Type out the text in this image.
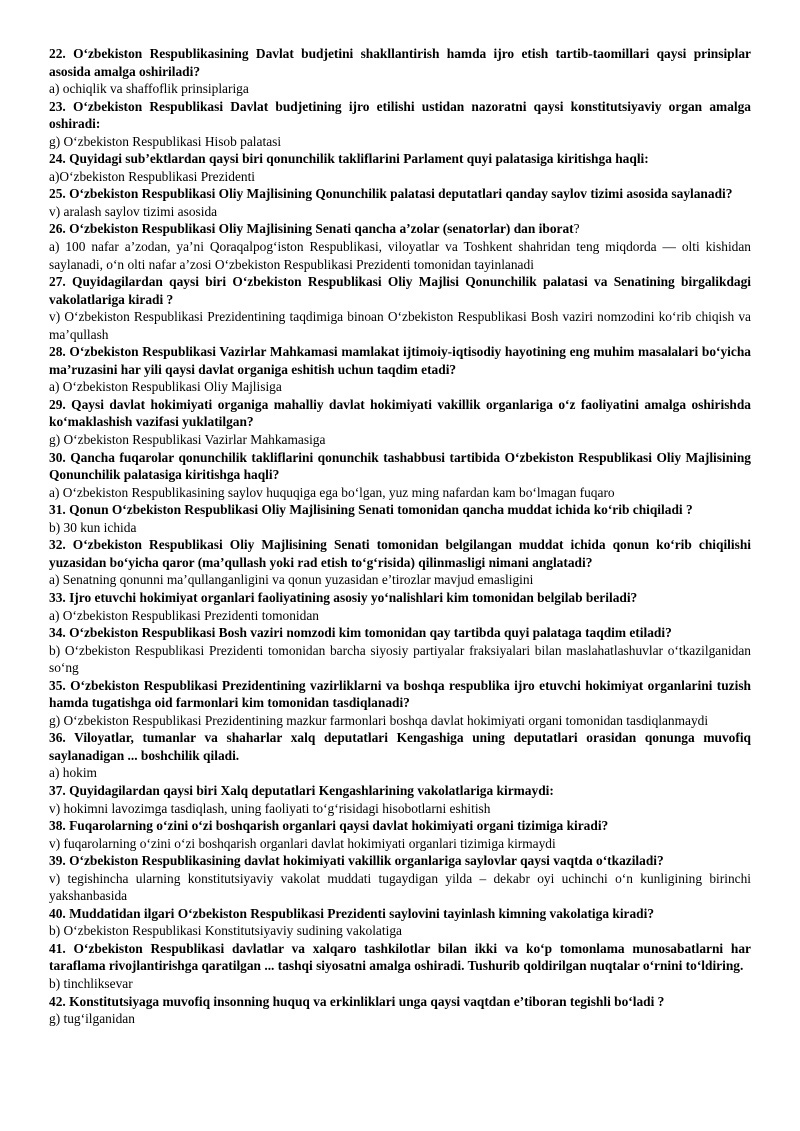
22. O‘zbekiston Respublikasining Davlat budjetini shakllantirish hamda ijro etish tartib-taomillari qaysi prinsiplar asosida amalga oshiriladi?

a) ochiqlik va shaffoflik prinsiplariga

23. O‘zbekiston Respublikasi Davlat budjetining ijro etilishi ustidan nazoratni qaysi konstitutsiyaviy organ amalga oshiradi:

g) O‘zbekiston Respublikasi Hisob palatasi

24. Quyidagi sub’ektlardan qaysi biri qonunchilik takliflarini Parlament quyi palatasiga kiritishga haqli:

a)O‘zbekiston Respublikasi Prezidenti

25. O‘zbekiston Respublikasi Oliy Majlisining Qonunchilik palatasi deputatlari qanday saylov tizimi asosida saylanadi?

v) aralash saylov tizimi asosida

26. O‘zbekiston Respublikasi Oliy Majlisining Senati qancha a’zolar (senatorlar) dan iborat?

a) 100 nafar a’zodan, ya’ni Qoraqalpog‘iston Respublikasi, viloyatlar va Toshkent shahridan teng miqdorda — olti kishidan saylanadi, o‘n olti nafar a’zosi O‘zbekiston Respublikasi Prezidenti tomonidan tayinlanadi

27. Quyidagilardan qaysi biri O‘zbekiston Respublikasi Oliy Majlisi Qonunchilik palatasi va Senatining birgalikdagi vakolatlariga kiradi ?

v) O‘zbekiston Respublikasi Prezidentining taqdimiga binoan O‘zbekiston Respublikasi Bosh vaziri nomzodini ko‘rib chiqish va ma’qullash

28. O‘zbekiston Respublikasi Vazirlar Mahkamasi mamlakat ijtimoiy-iqtisodiy hayotining eng muhim masalalari bo‘yicha ma’ruzasini har yili qaysi davlat organiga eshitish uchun taqdim etadi?

a) O‘zbekiston Respublikasi Oliy Majlisiga

29. Qaysi davlat hokimiyati organiga mahalliy davlat hokimiyati vakillik organlariga o‘z faoliyatini amalga oshirishda ko‘maklashish vazifasi yuklatilgan?

g) O‘zbekiston Respublikasi Vazirlar Mahkamasiga

30. Qancha fuqarolar qonunchilik takliflarini qonunchik tashabbusi tartibida O‘zbekiston Respublikasi Oliy Majlisining Qonunchilik palatasiga kiritishga haqli?

a) O‘zbekiston Respublikasining saylov huquqiga ega bo‘lgan, yuz ming nafardan kam bo‘lmagan fuqaro

31. Qonun O‘zbekiston Respublikasi Oliy Majlisining Senati tomonidan qancha muddat ichida ko‘rib chiqiladi ?

b) 30 kun ichida

32. O‘zbekiston Respublikasi Oliy Majlisining Senati tomonidan belgilangan muddat ichida qonun ko‘rib chiqilishi yuzasidan bo‘yicha qaror (ma’qullash yoki rad etish to‘g‘risida) qilinmasligi nimani anglatadi?

a) Senatning qonunni ma’qullanganligini va qonun yuzasidan e’tirozlar mavjud emasligini

33. Ijro etuvchi hokimiyat organlari faoliyatining asosiy yo‘nalishlari kim tomonidan belgilab beriladi?

a) O‘zbekiston Respublikasi Prezidenti tomonidan

34. O‘zbekiston Respublikasi Bosh vaziri nomzodi kim tomonidan qay tartibda quyi palataga taqdim etiladi?

b) O‘zbekiston Respublikasi Prezidenti tomonidan barcha siyosiy partiyalar fraksiyalari bilan maslahatlashuvlar o‘tkazilganidan so‘ng

35. O‘zbekiston Respublikasi Prezidentining vazirliklarni va boshqa respublika ijro etuvchi hokimiyat organlarini tuzish hamda tugatishga oid farmonlari kim tomonidan tasdiqlanadi?

g) O‘zbekiston Respublikasi Prezidentining mazkur farmonlari boshqa davlat hokimiyati organi tomonidan tasdiqlanmaydi

36. Viloyatlar, tumanlar va shaharlar xalq deputatlari Kengashiga uning deputatlari orasidan qonunga muvofiq saylanadigan ... boshchilik qiladi.

a) hokim

37. Quyidagilardan qaysi biri Xalq deputatlari Kengashlarining vakolatlariga kirmaydi:

v) hokimni lavozimga tasdiqlash, uning faoliyati to‘g‘risidagi hisobotlarni eshitish

38. Fuqarolarning o‘zini o‘zi boshqarish organlari qaysi davlat hokimiyati organi tizimiga kiradi?

v) fuqarolarning o‘zini o‘zi boshqarish organlari davlat hokimiyati organlari tizimiga kirmaydi

39. O‘zbekiston Respublikasining davlat hokimiyati vakillik organlariga saylovlar qaysi vaqtda o‘tkaziladi?

v) tegishincha ularning konstitutsiyaviy vakolat muddati tugaydigan yilda – dekabr oyi uchinchi o‘n kunligining birinchi yakshanbasida

40. Muddatidan ilgari O‘zbekiston Respublikasi Prezidenti saylovini tayinlash kimning vakolatiga kiradi?

b) O‘zbekiston Respublikasi Konstitutsiyaviy sudining vakolatiga

41. O‘zbekiston Respublikasi davlatlar va xalqaro tashkilotlar bilan ikki va ko‘p tomonlama munosabatlarni har taraflama rivojlantirishga qaratilgan ... tashqi siyosatni amalga oshiradi. Tushurib qoldirilgan nuqtalar o‘rnini to‘ldiring.

b) tinchliksevar

42. Konstitutsiyaga muvofiq insonning huquq va erkinliklari unga qaysi vaqtdan e’tiboran tegishli bo‘ladi ?

g) tug‘ilganidan
